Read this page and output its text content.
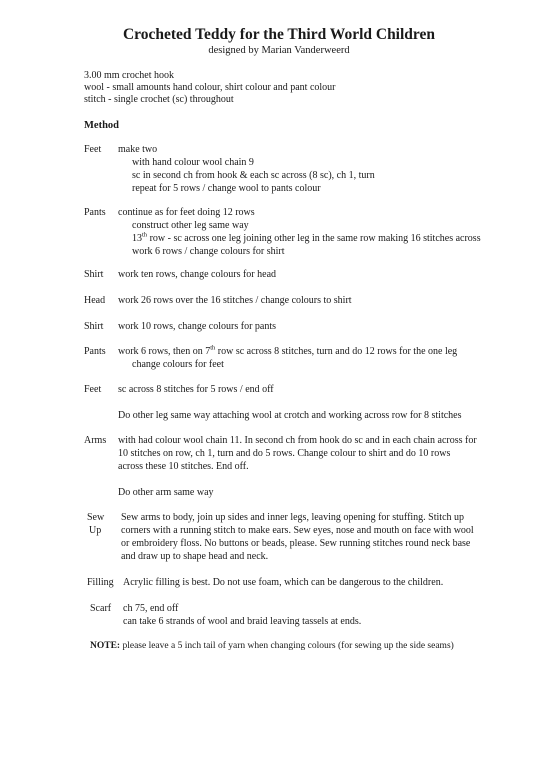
Crocheted Teddy for the Third World Children
designed by Marian Vanderweerd
3.00 mm crochet hook
wool - small amounts hand colour, shirt colour and pant colour
stitch - single crochet (sc) throughout
Method
Feet make two
with hand colour wool chain 9
sc in second ch from hook & each sc across (8 sc), ch 1, turn
repeat for 5 rows / change wool to pants colour
Pants continue as for feet doing 12 rows
construct other leg same way
13th row - sc across one leg joining other leg in the same row making 16 stitches across
work 6 rows / change colours for shirt
Shirt work ten rows, change colours for head
Head work 26 rows over the 16 stitches / change colours to shirt
Shirt work 10 rows, change colours for pants
Pants work 6 rows, then on 7th row sc across 8 stitches, turn and do 12 rows for the one leg
change colours for feet
Feet sc across 8 stitches for 5 rows / end off
Do other leg same way attaching wool at crotch and working across row for 8 stitches
Arms with had colour wool chain 11. In second ch from hook do sc and in each chain across for
10 stitches on row, ch 1, turn and do 5 rows. Change colour to shirt and do 10 rows
across these 10 stitches. End off.
Do other arm same way
Sew
Up
Sew arms to body, join up sides and inner legs, leaving opening for stuffing. Stitch up
corners with a running stitch to make ears. Sew eyes, nose and mouth on face with wool
or embroidery floss. No buttons or beads, please. Sew running stitches round neck base
and draw up to shape head and neck.
Filling Acrylic filling is best. Do not use foam, which can be dangerous to the children.
Scarf ch 75, end off
can take 6 strands of wool and braid leaving tassels at ends.
NOTE: please leave a 5 inch tail of yarn when changing colours (for sewing up the side seams)
